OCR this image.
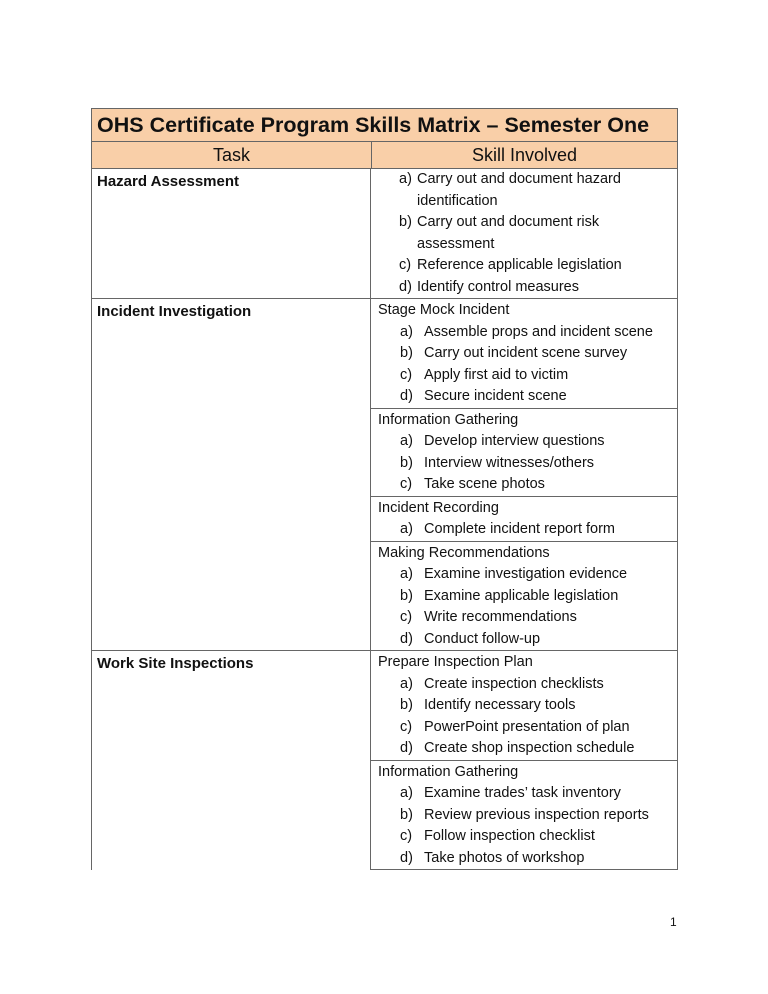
OHS Certificate Program Skills Matrix – Semester One
Task	Skill Involved
Hazard Assessment	a) Carry out and document hazard identification
b) Carry out and document risk assessment
c) Reference applicable legislation
d) Identify control measures
Incident Investigation	Stage Mock Incident
a) Assemble props and incident scene
b) Carry out incident scene survey
c) Apply first aid to victim
d) Secure incident scene
Information Gathering
a) Develop interview questions
b) Interview witnesses/others
c) Take scene photos
Incident Recording
a) Complete incident report form
Making Recommendations
a) Examine investigation evidence
b) Examine applicable legislation
c) Write recommendations
d) Conduct follow-up
Work Site Inspections	Prepare Inspection Plan
a) Create inspection checklists
b) Identify necessary tools
c) PowerPoint presentation of plan
d) Create shop inspection schedule
Information Gathering
a) Examine trades’ task inventory
b) Review previous inspection reports
c) Follow inspection checklist
d) Take photos of workshop
1
